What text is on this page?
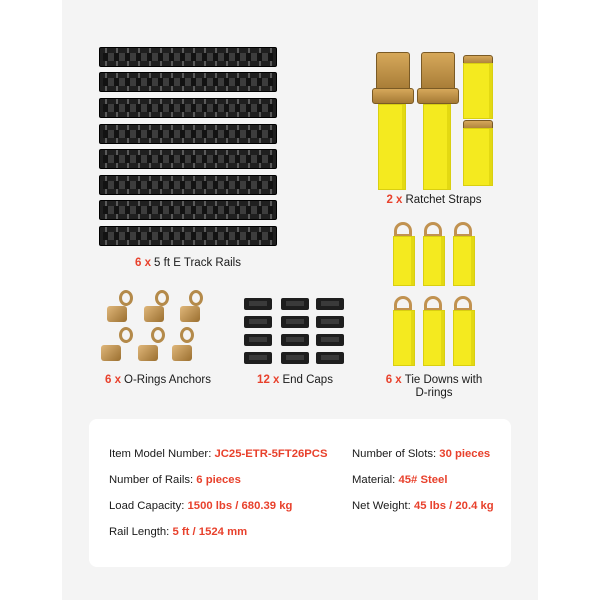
6 x 5 ft E Track Rails
2 x Ratchet Straps
6 x O-Rings Anchors	12 x End Caps	6 x Tie Downs with
D-rings
Item Model Number: JC25-ETR-5FT26PCS Number of Slots: 30 pieces
Number of Rails: 6 pieces	Material: 45# Steel
Load Capacity: 1500 lbs / 680.39 kg	Net Weight: 45 lbs / 20.4 kg
Rail Length: 5 ft / 1524 mm
